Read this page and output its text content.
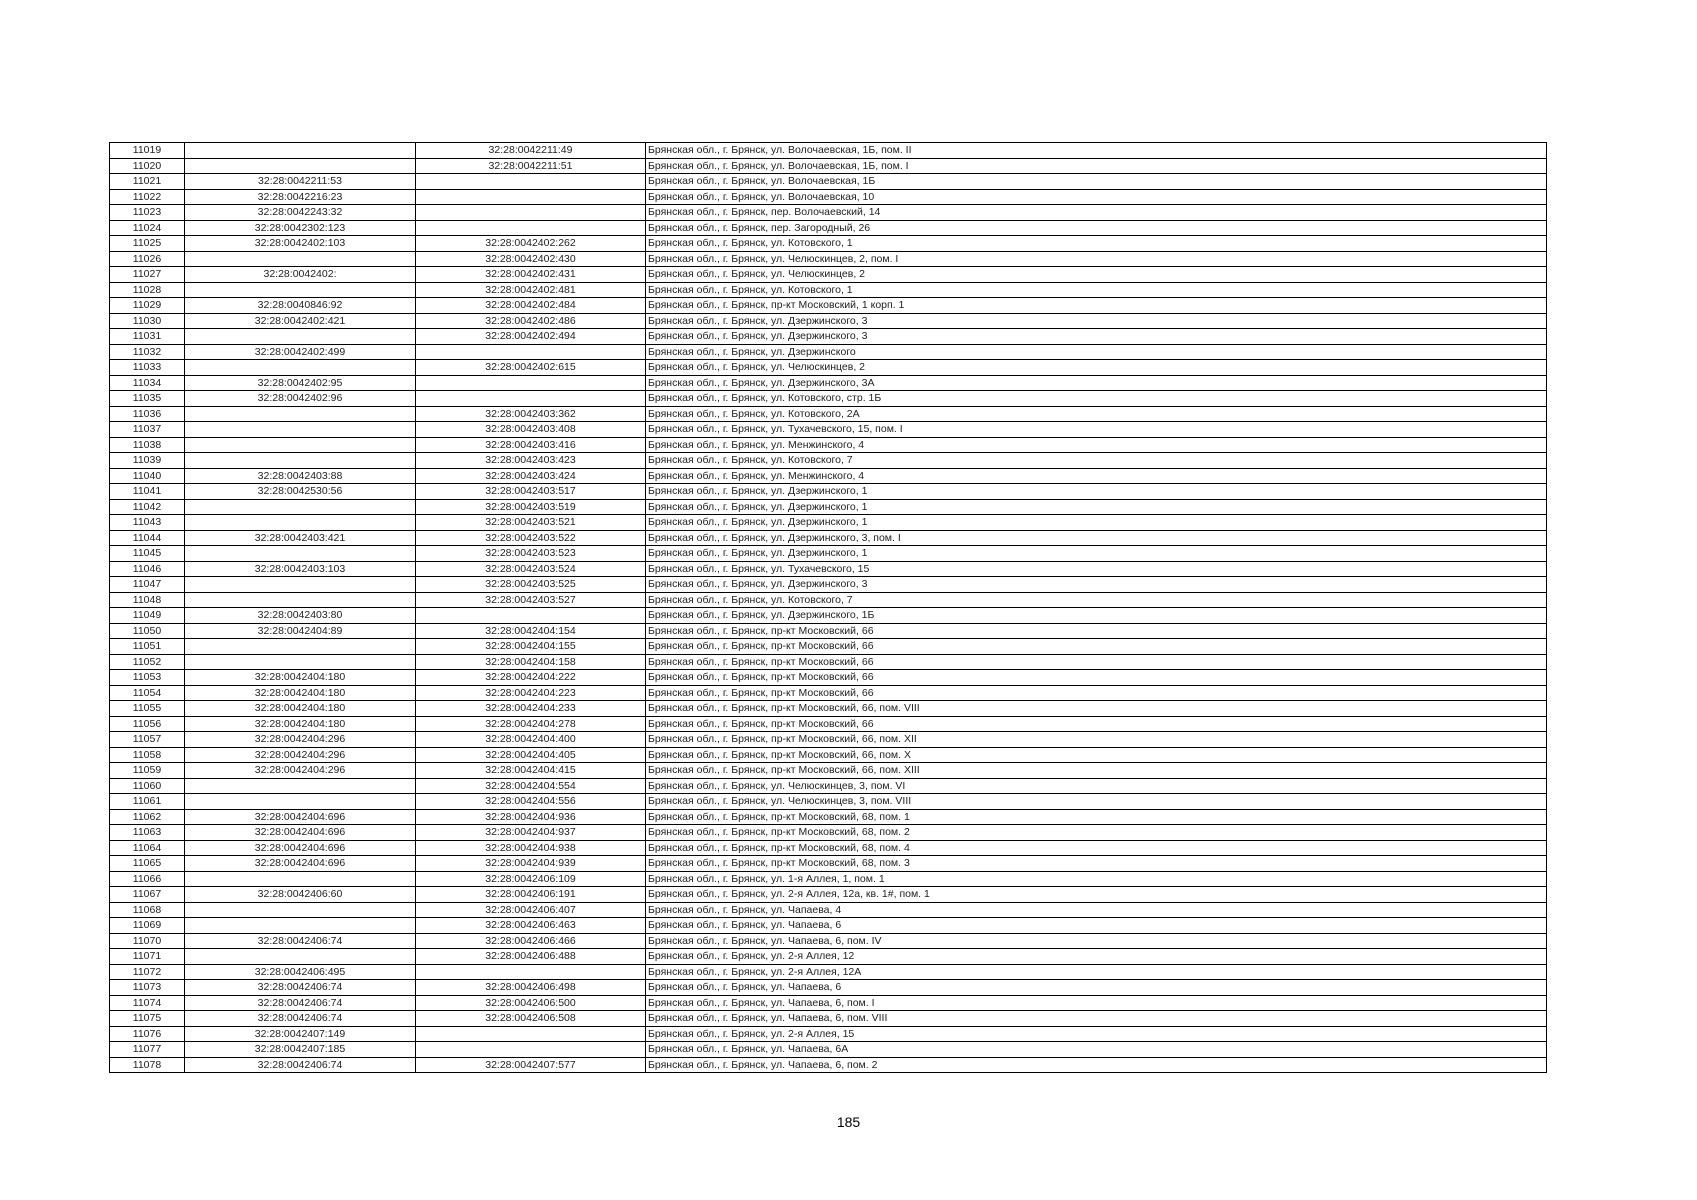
11019		32:28:0042211:49	Брянская обл., г. Брянск, ул. Волочаевская, 1Б, пом. II
11020		32:28:0042211:51	Брянская обл., г. Брянск, ул. Волочаевская, 1Б, пом. I
11021	32:28:0042211:53		Брянская обл., г. Брянск, ул. Волочаевская, 1Б
11022	32:28:0042216:23		Брянская обл., г. Брянск, ул. Волочаевская, 10
11023	32:28:0042243:32		Брянская обл., г. Брянск, пер. Волочаевский, 14
11024	32:28:0042302:123		Брянская обл., г. Брянск, пер. Загородный, 26
11025	32:28:0042402:103	32:28:0042402:262	Брянская обл., г. Брянск, ул. Котовского, 1
11026		32:28:0042402:430	Брянская обл., г. Брянск, ул. Челюскинцев, 2, пом. I
11027	32:28:0042402:	32:28:0042402:431	Брянская обл., г. Брянск, ул. Челюскинцев, 2
11028		32:28:0042402:481	Брянская обл., г. Брянск, ул. Котовского, 1
11029	32:28:0040846:92	32:28:0042402:484	Брянская обл., г. Брянск, пр-кт Московский, 1 корп. 1
11030	32:28:0042402:421	32:28:0042402:486	Брянская обл., г. Брянск, ул. Дзержинского, 3
11031		32:28:0042402:494	Брянская обл., г. Брянск, ул. Дзержинского, 3
11032	32:28:0042402:499		Брянская обл., г. Брянск, ул. Дзержинского
11033		32:28:0042402:615	Брянская обл., г. Брянск, ул. Челюскинцев, 2
11034	32:28:0042402:95		Брянская обл., г. Брянск, ул. Дзержинского, 3А
11035	32:28:0042402:96		Брянская обл., г. Брянск, ул. Котовского, стр. 1Б
11036		32:28:0042403:362	Брянская обл., г. Брянск, ул. Котовского, 2А
11037		32:28:0042403:408	Брянская обл., г. Брянск, ул. Тухачевского, 15, пом. I
11038		32:28:0042403:416	Брянская обл., г. Брянск, ул. Менжинского, 4
11039		32:28:0042403:423	Брянская обл., г. Брянск, ул. Котовского, 7
11040	32:28:0042403:88	32:28:0042403:424	Брянская обл., г. Брянск, ул. Менжинского, 4
11041	32:28:0042530:56	32:28:0042403:517	Брянская обл., г. Брянск, ул. Дзержинского, 1
11042		32:28:0042403:519	Брянская обл., г. Брянск, ул. Дзержинского, 1
11043		32:28:0042403:521	Брянская обл., г. Брянск, ул. Дзержинского, 1
11044	32:28:0042403:421	32:28:0042403:522	Брянская обл., г. Брянск, ул. Дзержинского, 3, пом. I
11045		32:28:0042403:523	Брянская обл., г. Брянск, ул. Дзержинского, 1
11046	32:28:0042403:103	32:28:0042403:524	Брянская обл., г. Брянск, ул. Тухачевского, 15
11047		32:28:0042403:525	Брянская обл., г. Брянск, ул. Дзержинского, 3
11048		32:28:0042403:527	Брянская обл., г. Брянск, ул. Котовского, 7
11049	32:28:0042403:80		Брянская обл., г. Брянск, ул. Дзержинского, 1Б
11050	32:28:0042404:89	32:28:0042404:154	Брянская обл., г. Брянск, пр-кт Московский, 66
11051		32:28:0042404:155	Брянская обл., г. Брянск, пр-кт Московский, 66
11052		32:28:0042404:158	Брянская обл., г. Брянск, пр-кт Московский, 66
11053	32:28:0042404:180	32:28:0042404:222	Брянская обл., г. Брянск, пр-кт Московский, 66
11054	32:28:0042404:180	32:28:0042404:223	Брянская обл., г. Брянск, пр-кт Московский, 66
11055	32:28:0042404:180	32:28:0042404:233	Брянская обл., г. Брянск, пр-кт Московский, 66, пом. VIII
11056	32:28:0042404:180	32:28:0042404:278	Брянская обл., г. Брянск, пр-кт Московский, 66
11057	32:28:0042404:296	32:28:0042404:400	Брянская обл., г. Брянск, пр-кт Московский, 66, пом. XII
11058	32:28:0042404:296	32:28:0042404:405	Брянская обл., г. Брянск, пр-кт Московский, 66, пом. X
11059	32:28:0042404:296	32:28:0042404:415	Брянская обл., г. Брянск, пр-кт Московский, 66, пом. XIII
11060		32:28:0042404:554	Брянская обл., г. Брянск, ул. Челюскинцев, 3, пом. VI
11061		32:28:0042404:556	Брянская обл., г. Брянск, ул. Челюскинцев, 3, пом. VIII
11062	32:28:0042404:696	32:28:0042404:936	Брянская обл., г. Брянск, пр-кт Московский, 68, пом. 1
11063	32:28:0042404:696	32:28:0042404:937	Брянская обл., г. Брянск, пр-кт Московский, 68, пом. 2
11064	32:28:0042404:696	32:28:0042404:938	Брянская обл., г. Брянск, пр-кт Московский, 68, пом. 4
11065	32:28:0042404:696	32:28:0042404:939	Брянская обл., г. Брянск, пр-кт Московский, 68, пом. 3
11066		32:28:0042406:109	Брянская обл., г. Брянск, ул. 1-я Аллея, 1, пом. 1
11067	32:28:0042406:60	32:28:0042406:191	Брянская обл., г. Брянск, ул. 2-я Аллея, 12а, кв. 1#, пом. 1
11068		32:28:0042406:407	Брянская обл., г. Брянск, ул. Чапаева, 4
11069		32:28:0042406:463	Брянская обл., г. Брянск, ул. Чапаева, 6
11070	32:28:0042406:74	32:28:0042406:466	Брянская обл., г. Брянск, ул. Чапаева, 6, пом. IV
11071		32:28:0042406:488	Брянская обл., г. Брянск, ул. 2-я Аллея, 12
11072	32:28:0042406:495		Брянская обл., г. Брянск, ул. 2-я Аллея, 12А
11073	32:28:0042406:74	32:28:0042406:498	Брянская обл., г. Брянск, ул. Чапаева, 6
11074	32:28:0042406:74	32:28:0042406:500	Брянская обл., г. Брянск, ул. Чапаева, 6, пом. I
11075	32:28:0042406:74	32:28:0042406:508	Брянская обл., г. Брянск, ул. Чапаева, 6, пом. VIII
11076	32:28:0042407:149		Брянская обл., г. Брянск, ул. 2-я Аллея, 15
11077	32:28:0042407:185		Брянская обл., г. Брянск, ул. Чапаева, 6А
11078	32:28:0042406:74	32:28:0042407:577	Брянская обл., г. Брянск, ул. Чапаева, 6, пом. 2
185
